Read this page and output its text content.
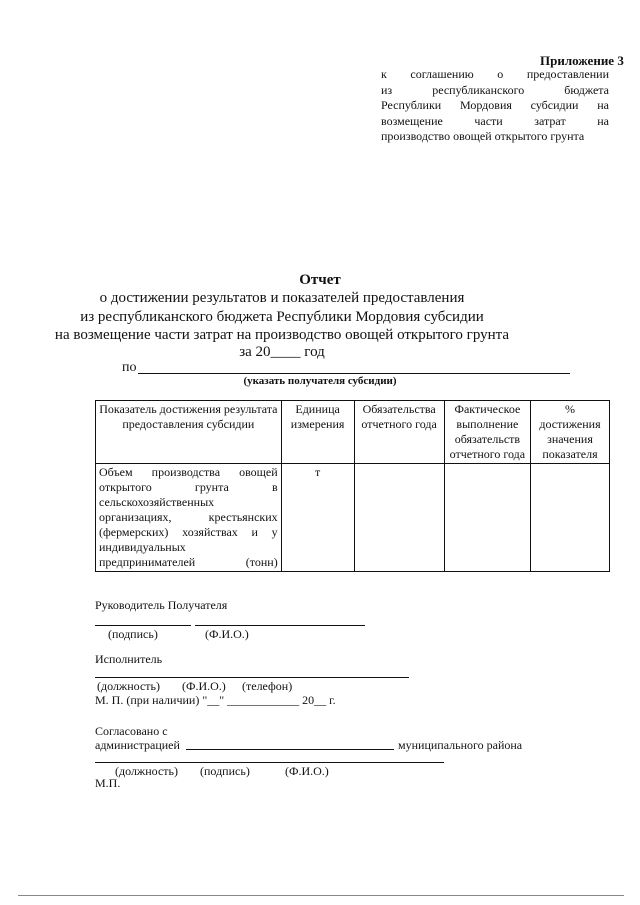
Приложение 3
к соглашению о предоставлении
из республиканского бюджета
Республики Мордовия субсидии на
возмещение части затрат на
производство овощей открытого грунта
Отчет
о достижении результатов и показателей предоставления
из республиканского бюджета Республики Мордовия субсидии
на возмещение части затрат на производство овощей открытого грунта
за 20____ год
по
(указать получателя субсидии)
Показатель достижения результата предоставления субсидии	Единица измерения	Обязательства отчетного года	Фактическое выполнение обязательств отчетного года	% достижения значения показателя
Объем производства овощей открытого грунта в сельскохозяйственных организациях, крестьянских (фермерских) хозяйствах и у индивидуальных предпринимателей (тонн)	т			
Руководитель Получателя
(подпись)	(Ф.И.О.)
Исполнитель
(должность) (Ф.И.О.) (телефон)
М. П. (при наличии) "__" ____________ 20__ г.
Согласовано с
администрацией	муниципального района
(должность) (подпись)	(Ф.И.О.)
М.П.
